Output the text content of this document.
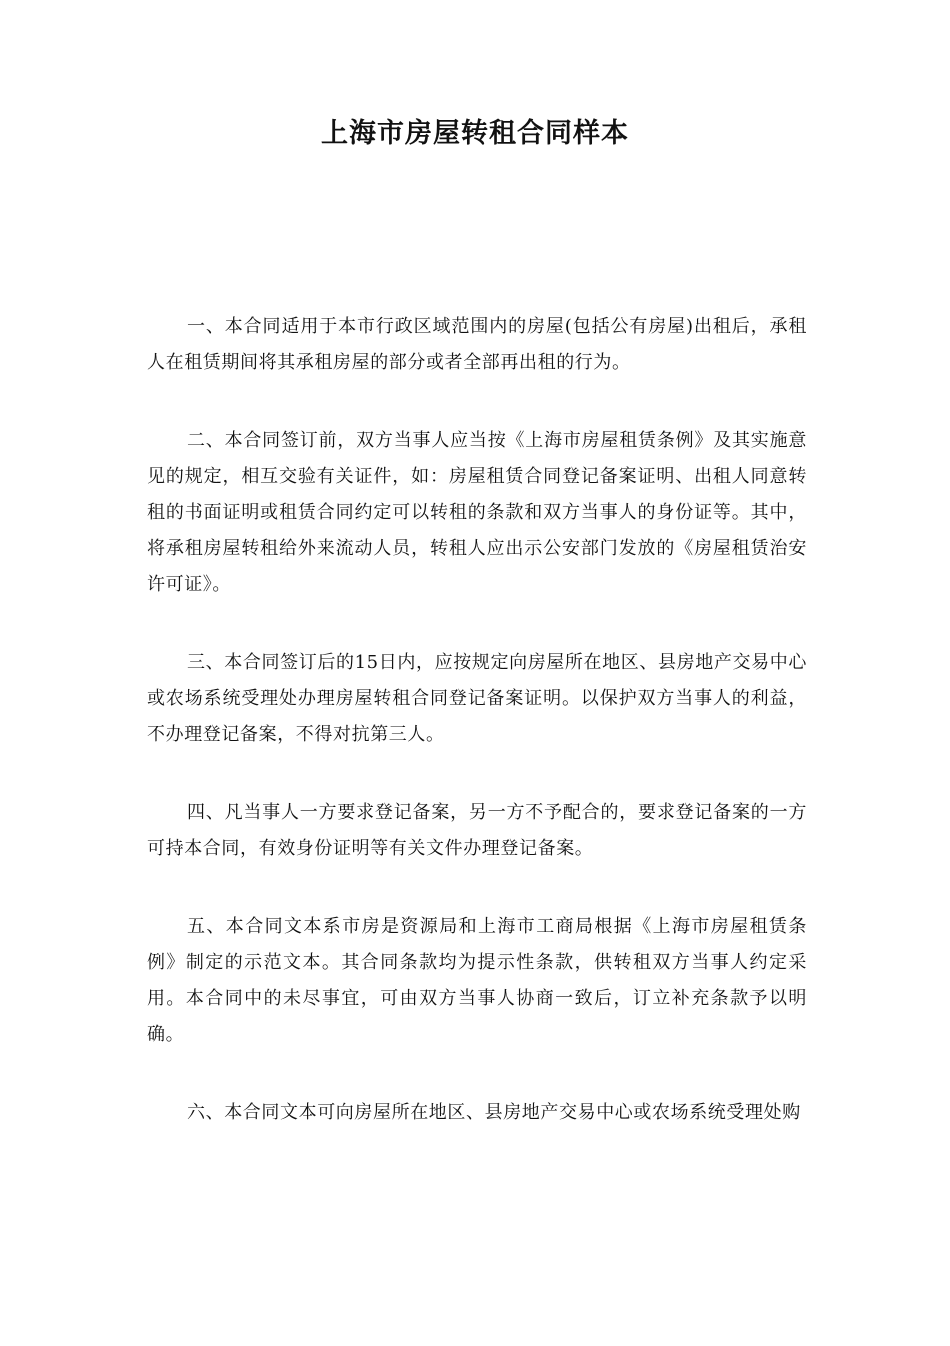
上海市房屋转租合同样本

一、本合同适用于本市行政区域范围内的房屋(包括公有房屋)出租后，承租人在租赁期间将其承租房屋的部分或者全部再出租的行为。

二、本合同签订前，双方当事人应当按《上海市房屋租赁条例》及其实施意见的规定，相互交验有关证件，如：房屋租赁合同登记备案证明、出租人同意转租的书面证明或租赁合同约定可以转租的条款和双方当事人的身份证等。其中，将承租房屋转租给外来流动人员，转租人应出示公安部门发放的《房屋租赁治安许可证》。

三、本合同签订后的15日内，应按规定向房屋所在地区、县房地产交易中心或农场系统受理处办理房屋转租合同登记备案证明。以保护双方当事人的利益，不办理登记备案，不得对抗第三人。

四、凡当事人一方要求登记备案，另一方不予配合的，要求登记备案的一方可持本合同，有效身份证明等有关文件办理登记备案。

五、本合同文本系市房是资源局和上海市工商局根据《上海市房屋租赁条例》制定的示范文本。其合同条款均为提示性条款，供转租双方当事人约定采用。本合同中的未尽事宜，可由双方当事人协商一致后，订立补充条款予以明确。

六、本合同文本可向房屋所在地区、县房地产交易中心或农场系统受理处购
